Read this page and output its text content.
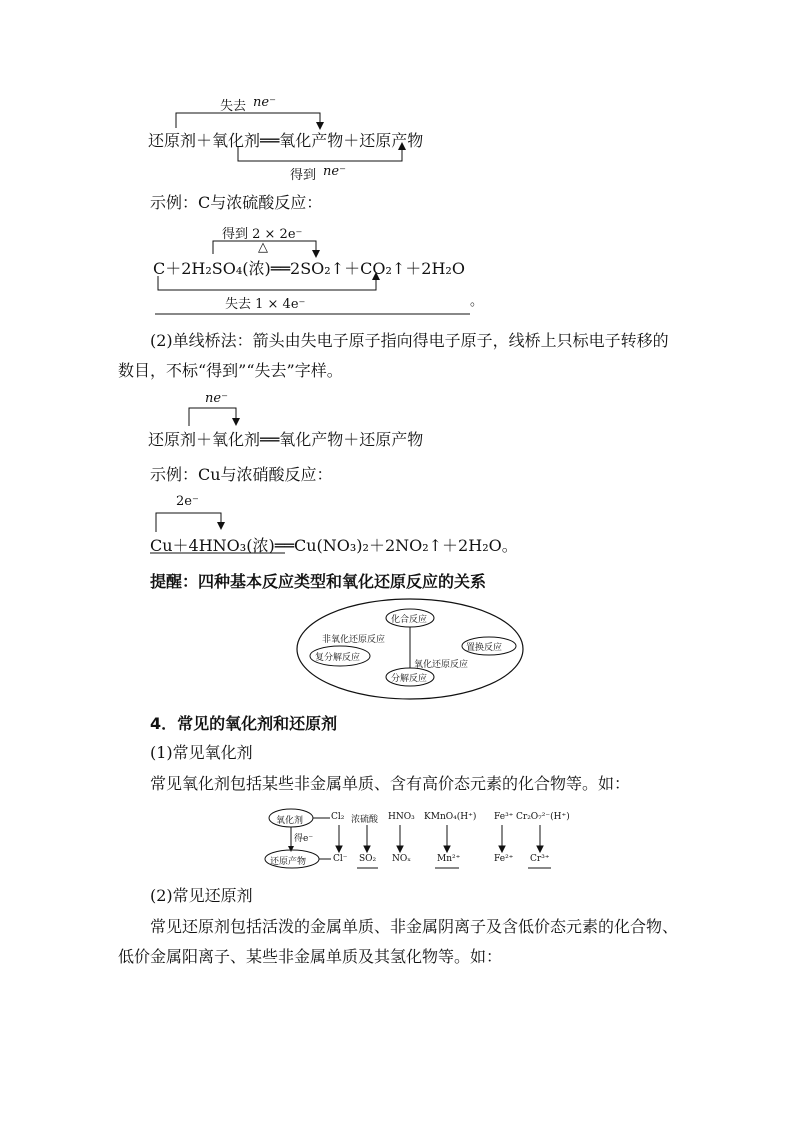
失去 ne⁻
还原剂＋氧化剂══氧化产物＋还原产物
得到 ne⁻
示例：C与浓硫酸反应：
得到 2 × 2e⁻
△
C＋2H₂SO₄(浓)══2SO₂↑＋CO₂↑＋2H₂O
失去 1 × 4e⁻	。
(2)单线桥法：箭头由失电子原子指向得电子原子，线桥上只标电子转移的数目，不标“得到”“失去”字样。
ne⁻
还原剂＋氧化剂══氧化产物＋还原产物
示例：Cu与浓硝酸反应：
2e⁻
Cu＋4HNO₃(浓)══Cu(NO₃)₂＋2NO₂↑＋2H₂O。
提醒：四种基本反应类型和氧化还原反应的关系
化合反应
非氧化还原反应
置换反应
复分解反应
氧化还原反应
分解反应
4．常见的氧化剂和还原剂
(1)常见氧化剂
常见氧化剂包括某些非金属单质、含有高价态元素的化合物等。如：
氧化剂
得e⁻
还原产物
Cl₂ 浓硫酸 HNO₃ KMnO₄(H⁺) Fe³⁺ Cr₂O₇²⁻(H⁺)
Cl⁻ SO₂ NOₓ	Mn²⁺	Fe²⁺ Cr³⁺
(2)常见还原剂
常见还原剂包括活泼的金属单质、非金属阴离子及含低价态元素的化合物、低价金属阳离子、某些非金属单质及其氢化物等。如：
